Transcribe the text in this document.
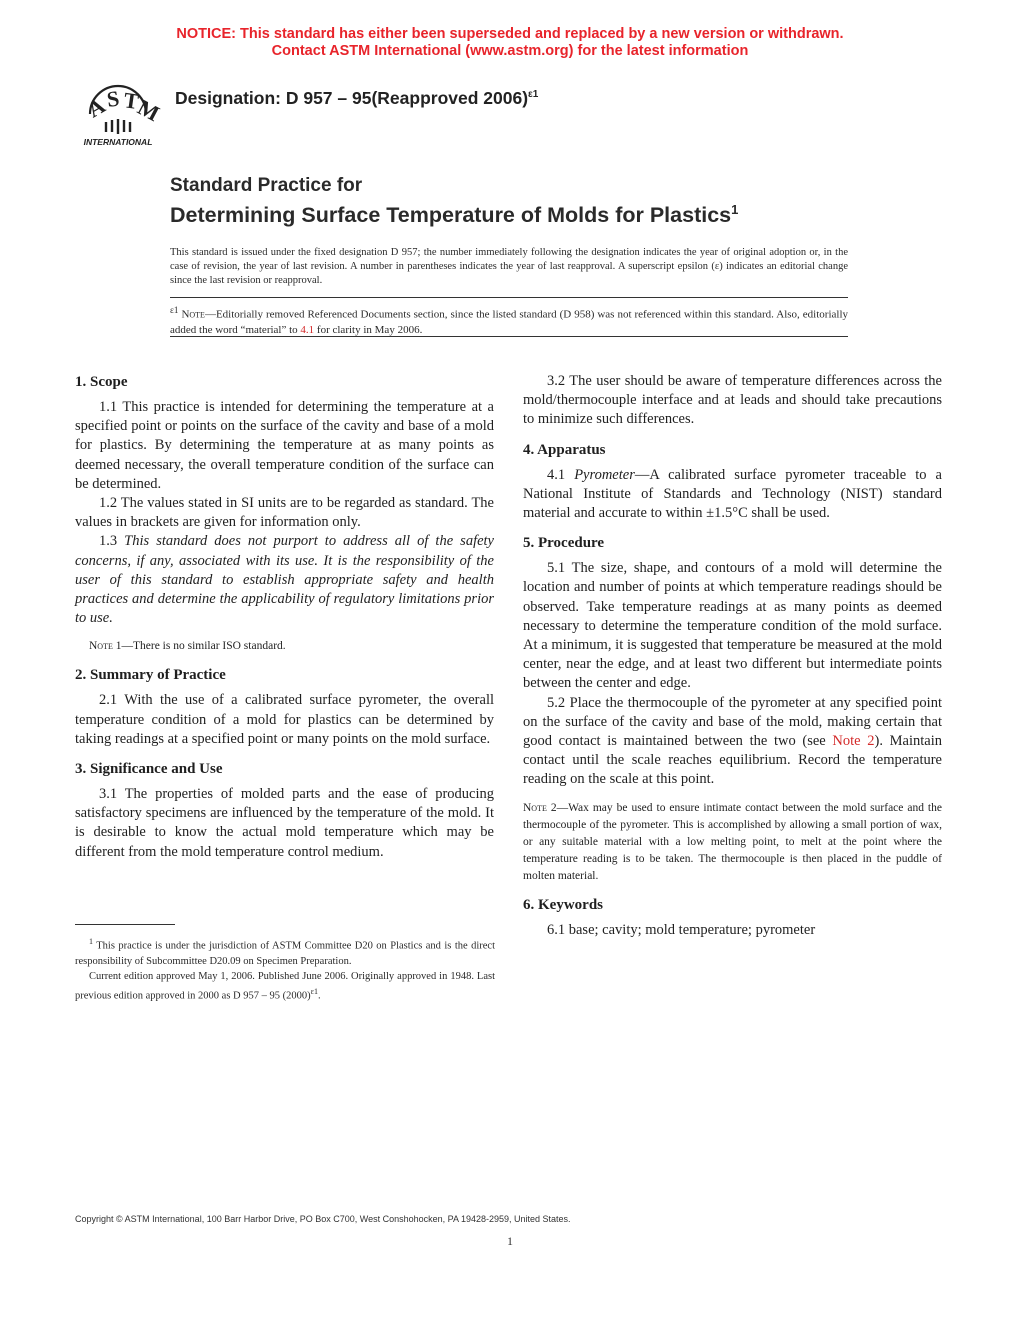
NOTICE: This standard has either been superseded and replaced by a new version or withdrawn.
Contact ASTM International (www.astm.org) for the latest information
A
S T
M
INTERNATIONAL
Designation: D 957 – 95(Reapproved 2006)$^{\varepsilon 1}$
Standard Practice for
Determining Surface Temperature of Molds for Plastics$^1$
This standard is issued under the fixed designation D 957; the number immediately following the designation indicates the year of original adoption or, in the case of revision, the year of last revision. A number in parentheses indicates the year of last reapproval. A superscript epsilon (ε) indicates an editorial change since the last revision or reapproval.
$^{\varepsilon 1}$ Note—Editorially removed Referenced Documents section, since the listed standard (D 958) was not referenced within this standard. Also, editorially added the word “material” to 4.1 for clarity in May 2006.
1. Scope

1.1 This practice is intended for determining the temperature at a specified point or points on the surface of the cavity and base of a mold for plastics. By determining the temperature at as many points as deemed necessary, the overall temperature condition of the surface can be determined.

1.2 The values stated in SI units are to be regarded as standard. The values in brackets are given for information only.

1.3 This standard does not purport to address all of the safety concerns, if any, associated with its use. It is the responsibility of the user of this standard to establish appropriate safety and health practices and determine the applicability of regulatory limitations prior to use.

Note 1—There is no similar ISO standard.
2. Summary of Practice

2.1 With the use of a calibrated surface pyrometer, the overall temperature condition of a mold for plastics can be determined by taking readings at a specified point or many points on the mold surface.

3. Significance and Use

3.1 The properties of molded parts and the ease of producing satisfactory specimens are influenced by the temperature of the mold. It is desirable to know the actual mold temperature which may be different from the mold temperature control medium.

3.2 The user should be aware of temperature differences across the mold/thermocouple interface and at leads and should take precautions to minimize such differences.

4. Apparatus

4.1 Pyrometer—A calibrated surface pyrometer traceable to a National Institute of Standards and Technology (NIST) standard material and accurate to within ±1.5°C shall be used.

5. Procedure

5.1 The size, shape, and contours of a mold will determine the location and number of points at which temperature readings should be observed. Take temperature readings at as many points as deemed necessary to determine the temperature condition of the mold surface. At a minimum, it is suggested that temperature be measured at the mold center, near the edge, and at least two different but intermediate points between the center and edge.

5.2 Place the thermocouple of the pyrometer at any specified point on the surface of the cavity and base of the mold, making certain that good contact is maintained between the two (see Note 2). Maintain contact until the scale reaches equilibrium. Record the temperature reading on the scale at this point.

Note 2—Wax may be used to ensure intimate contact between the mold surface and the thermocouple of the pyrometer. This is accomplished by allowing a small portion of wax, or any suitable material with a low melting point, to melt at the point where the temperature reading is to be taken. The thermocouple is then placed in the puddle of molten material.
6. Keywords

6.1 base; cavity; mold temperature; pyrometer

$^1$ This practice is under the jurisdiction of ASTM Committee D20 on Plastics and is the direct responsibility of Subcommittee D20.09 on Specimen Preparation.

Current edition approved May 1, 2006. Published June 2006. Originally approved in 1948. Last previous edition approved in 2000 as D 957 – 95 $(2000)^{\varepsilon 1}$.

Copyright © ASTM International, 100 Barr Harbor Drive, PO Box C700, West Conshohocken, PA 19428-2959, United States.
1
